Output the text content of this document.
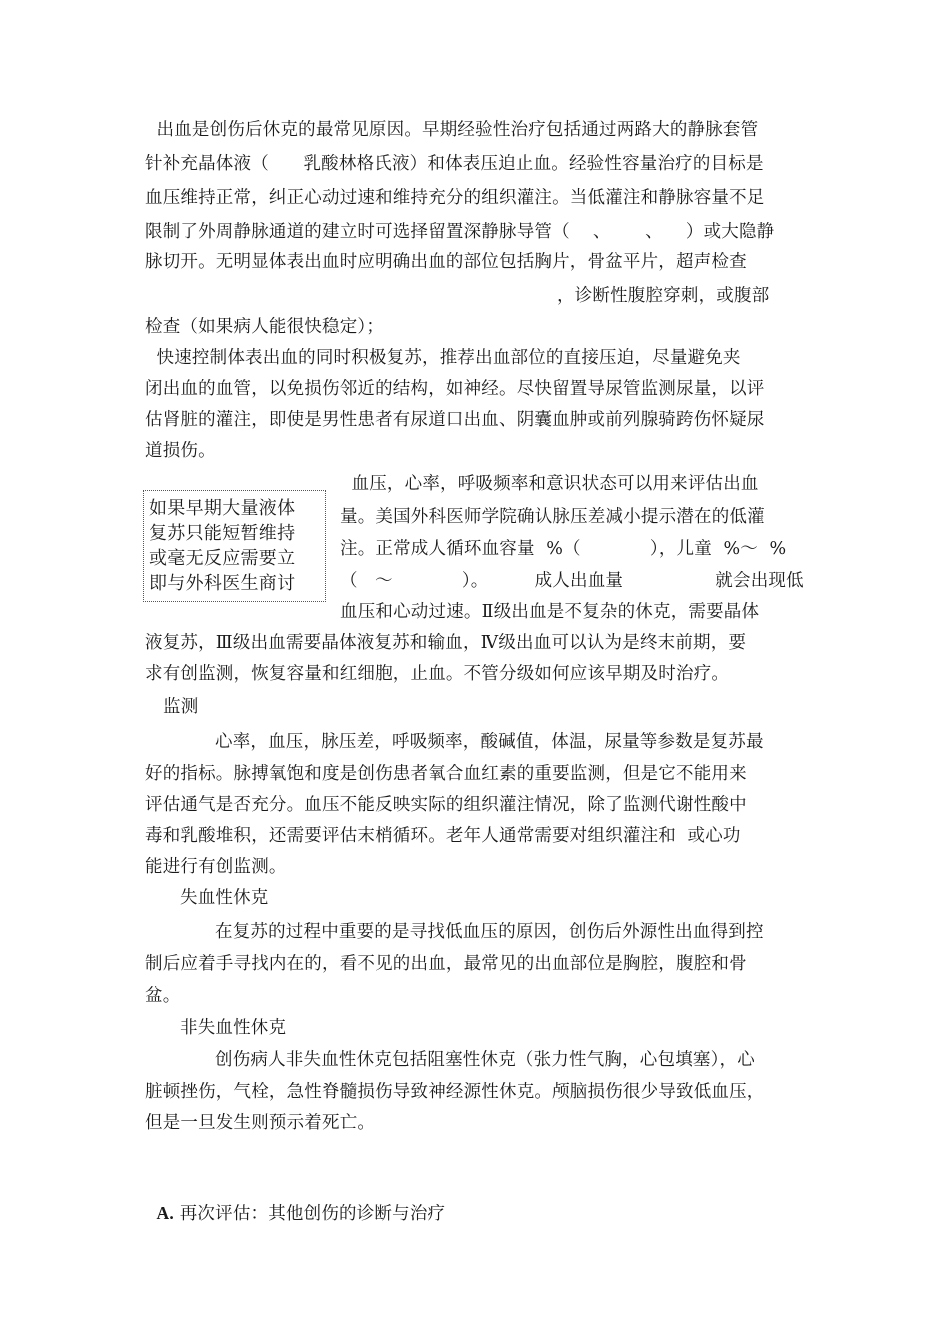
出血是创伤后休克的最常见原因。早期经验性治疗包括通过两路大的静脉套管
针补充晶体液（      乳酸林格氏液）和体表压迫止血。经验性容量治疗的目标是
血压维持正常，纠正心动过速和维持充分的组织灌注。当低灌注和静脉容量不足
限制了外周静脉通道的建立时可选择留置深静脉导管（    、      、    ）或大隐静
脉切开。无明显体表出血时应明确出血的部位包括胸片，骨盆平片，超声检查
，诊断性腹腔穿刺，或腹部
检查（如果病人能很快稳定）；
快速控制体表出血的同时积极复苏，推荐出血部位的直接压迫，尽量避免夹
闭出血的血管，以免损伤邻近的结构，如神经。尽快留置导尿管监测尿量，以评
估肾脏的灌注，即使是男性患者有尿道口出血、阴囊血肿或前列腺骑跨伤怀疑尿
道损伤。
如果早期大量液体
复苏只能短暂维持
或毫无反应需要立
即与外科医生商讨
血压，心率，呼吸频率和意识状态可以用来评估出血
量。美国外科医师学院确认脉压差减小提示潜在的低灌
注。正常成人循环血容量  %（            ），儿童  %～  %
（   ～            ）。        成人出血量                就会出现低
血压和心动过速。Ⅱ级出血是不复杂的休克，需要晶体
液复苏，Ⅲ级出血需要晶体液复苏和输血，Ⅳ级出血可以认为是终末前期，要
求有创监测，恢复容量和红细胞，止血。不管分级如何应该早期及时治疗。
监测
心率，血压，脉压差，呼吸频率，酸碱值，体温，尿量等参数是复苏最
好的指标。脉搏氧饱和度是创伤患者氧合血红素的重要监测，但是它不能用来
评估通气是否充分。血压不能反映实际的组织灌注情况，除了监测代谢性酸中
毒和乳酸堆积，还需要评估末梢循环。老年人通常需要对组织灌注和  或心功
能进行有创监测。
失血性休克
在复苏的过程中重要的是寻找低血压的原因，创伤后外源性出血得到控
制后应着手寻找内在的，看不见的出血，最常见的出血部位是胸腔，腹腔和骨
盆。
非失血性休克
创伤病人非失血性休克包括阻塞性休克（张力性气胸，心包填塞），心
脏顿挫伤，气栓，急性脊髓损伤导致神经源性休克。颅脑损伤很少导致低血压，
但是一旦发生则预示着死亡。

A. 再次评估：其他创伤的诊断与治疗
